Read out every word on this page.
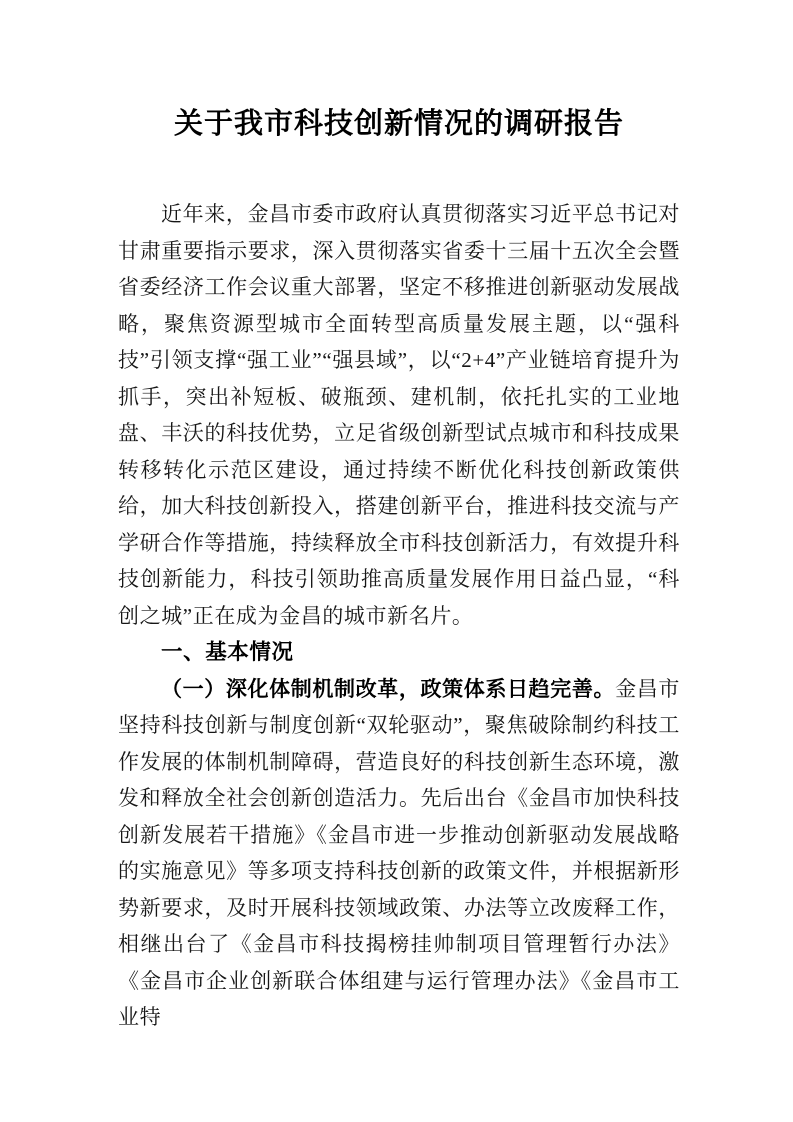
关于我市科技创新情况的调研报告

近年来，金昌市委市政府认真贯彻落实习近平总书记对甘肃重要指示要求，深入贯彻落实省委十三届十五次全会暨省委经济工作会议重大部署，坚定不移推进创新驱动发展战略，聚焦资源型城市全面转型高质量发展主题，以“强科技”引领支撑“强工业”“强县域”，以“2+4”产业链培育提升为抓手，突出补短板、破瓶颈、建机制，依托扎实的工业地盘、丰沃的科技优势，立足省级创新型试点城市和科技成果转移转化示范区建设，通过持续不断优化科技创新政策供给，加大科技创新投入，搭建创新平台，推进科技交流与产学研合作等措施，持续释放全市科技创新活力，有效提升科技创新能力，科技引领助推高质量发展作用日益凸显，“科创之城”正在成为金昌的城市新名片。

一、基本情况

（一）深化体制机制改革，政策体系日趋完善。金昌市坚持科技创新与制度创新“双轮驱动”，聚焦破除制约科技工作发展的体制机制障碍，营造良好的科技创新生态环境，激发和释放全社会创新创造活力。先后出台《金昌市加快科技创新发展若干措施》《金昌市进一步推动创新驱动发展战略的实施意见》等多项支持科技创新的政策文件，并根据新形势新要求，及时开展科技领域政策、办法等立改废释工作，相继出台了《金昌市科技揭榜挂帅制项目管理暂行办法》《金昌市企业创新联合体组建与运行管理办法》《金昌市工业特
